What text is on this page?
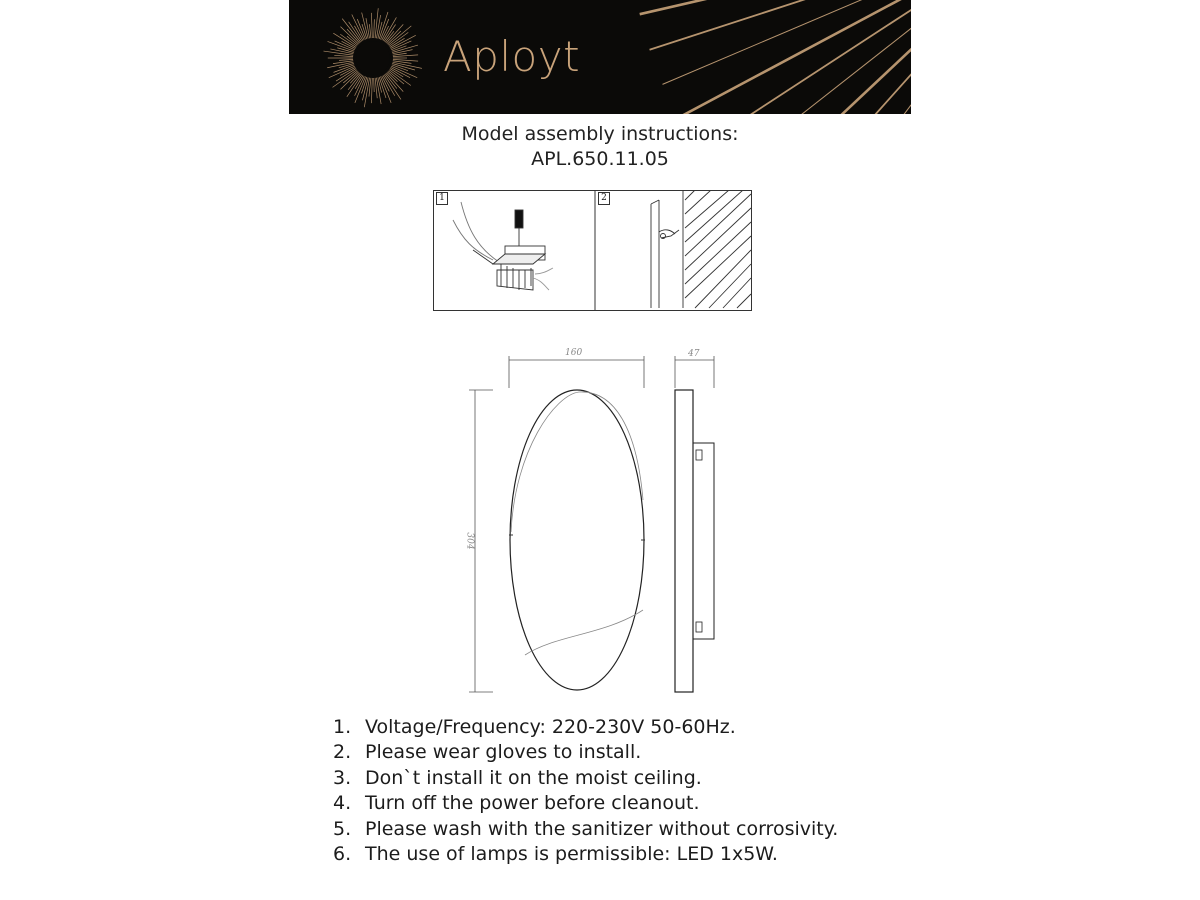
Aployt
Model assembly instructions:
APL.650.11.05
1	2
160	47
304
1. Voltage/Frequency: 220-230V 50-60Hz.
2. Please wear gloves to install.
3. Don`t install it on the moist ceiling.
4. Turn off the power before cleanout.
5. Please wash with the sanitizer without corrosivity.
6. The use of lamps is permissible: LED 1x5W.
